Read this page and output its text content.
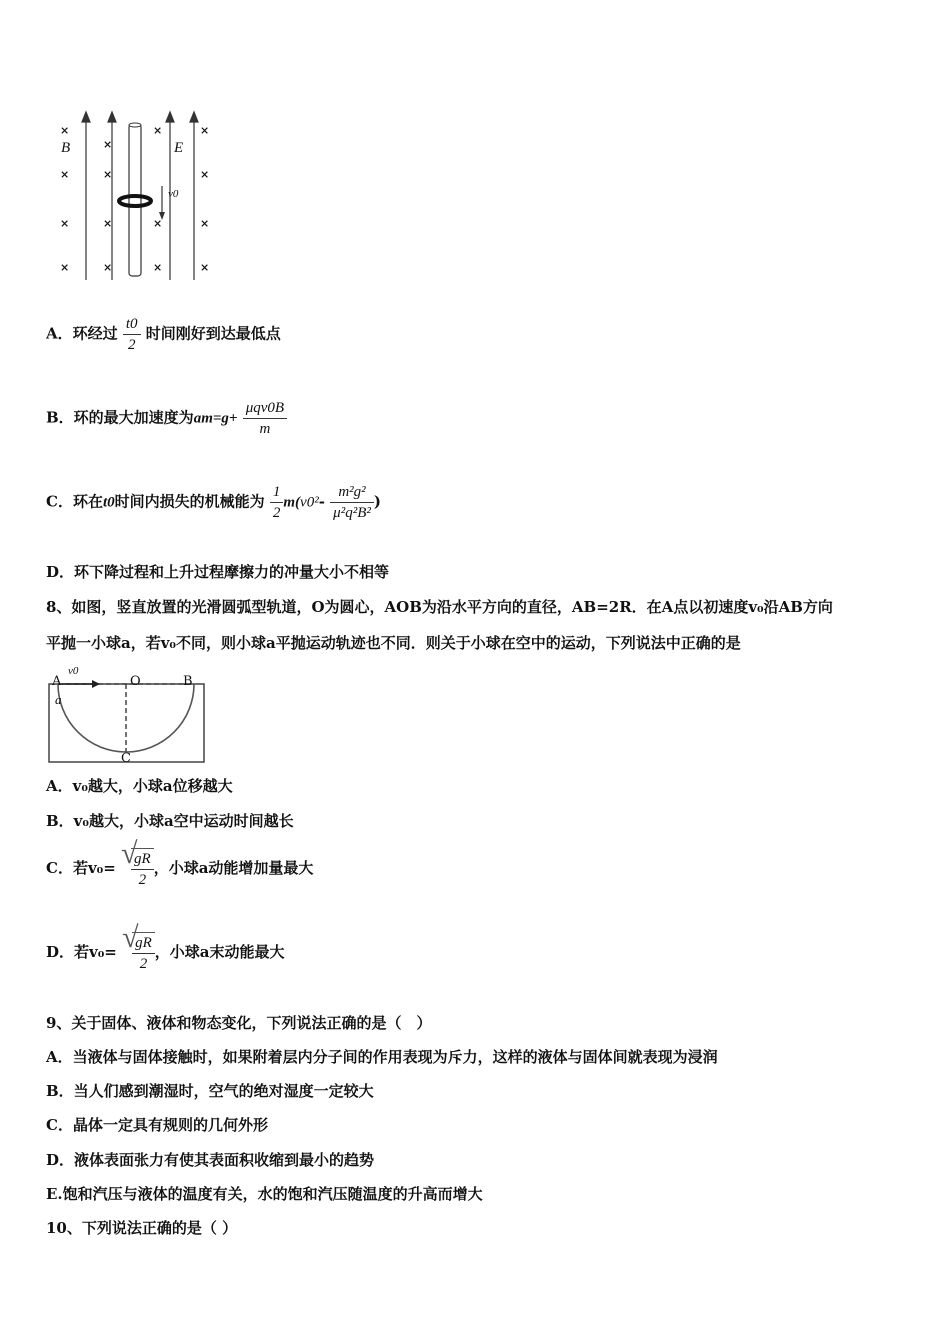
B	E
v0
×
×
×
×
×
×
×
×
×
×
×
×
×
×
×
A．环经过 $\frac{t0}{2}$ 时间刚好到达最低点
B．环的最大加速度为$am=g+ \frac{\text{μqv0B}}{m}$
C．环在t0时间内损失的机械能为 $\frac{1}{2} m(v0^2- \frac{\text{m²g²}}{\text{μ²q²B²}}$ )
D．环下降过程和上升过程摩擦力的冲量大小不相等
8、如图，竖直放置的光滑圆弧型轨道，O为圆心，AOB为沿水平方向的直径，AB=2R．在A点以初速度v₀沿AB方向
平抛一小球a，若v₀不同，则小球a平抛运动轨迹也不同．则关于小球在空中的运动，下列说法中正确的是
A	O	B
C
a
v0
A．v₀越大，小球a位移越大
B．v₀越大，小球a空中运动时间越长
C．若v₀= √
$\frac{gR}{2}$ ，小球a动能增加量最大
D．若v₀= √
$\frac{gR}{2}$ ，小球a末动能最大
9、关于固体、液体和物态变化，下列说法正确的是（　）
A．当液体与固体接触时，如果附着层内分子间的作用表现为斥力，这样的液体与固体间就表现为浸润
B．当人们感到潮湿时，空气的绝对湿度一定较大
C．晶体一定具有规则的几何外形
D．液体表面张力有使其表面积收缩到最小的趋势
E.饱和汽压与液体的温度有关，水的饱和汽压随温度的升高而增大
10、下列说法正确的是（ ）
